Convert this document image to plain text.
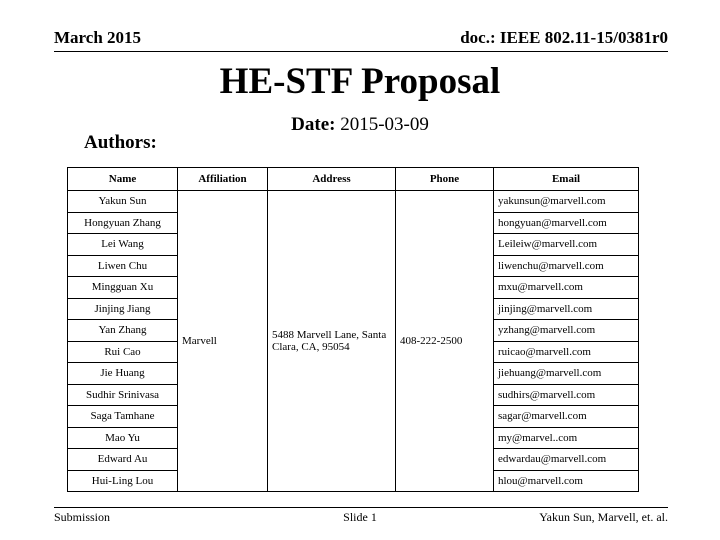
March 2015	doc.: IEEE 802.11-15/0381r0
HE-STF Proposal
Date: 2015-03-09
Authors:
Name	Affiliation	Address	Phone	Email
Yakun Sun	Marvell	5488 Marvell Lane, Santa Clara, CA, 95054	408-222-2500	yakunsun@marvell.com
Hongyuan Zhang				hongyuan@marvell.com
Lei Wang				Leileiw@marvell.com
Liwen Chu				liwenchu@marvell.com
Mingguan Xu				mxu@marvell.com
Jinjing Jiang				jinjing@marvell.com
Yan Zhang				yzhang@marvell.com
Rui Cao				ruicao@marvell.com
Jie Huang				jiehuang@marvell.com
Sudhir Srinivasa				sudhirs@marvell.com
Saga Tamhane				sagar@marvell.com
Mao Yu				my@marvel..com
Edward Au				edwardau@marvell.com
Hui-Ling Lou				hlou@marvell.com
Submission	Slide 1	Yakun Sun, Marvell, et. al.
